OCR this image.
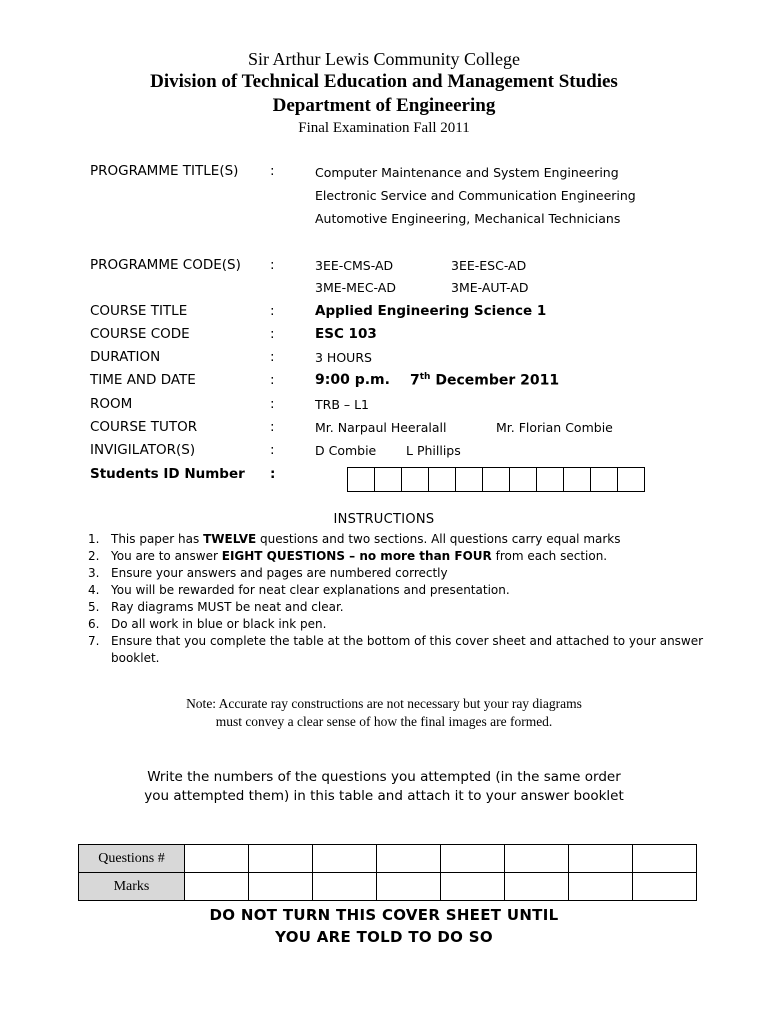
Sir Arthur Lewis Community College
Division of Technical Education and Management Studies
Department of Engineering
Final Examination Fall 2011
PROGRAMME TITLE(S)	:	Computer Maintenance and System Engineering
Electronic Service and Communication Engineering
Automotive Engineering, Mechanical Technicians
PROGRAMME CODE(S)	:	3EE-CMS-AD	3EE-ESC-AD
3ME-MEC-AD	3ME-AUT-AD
COURSE TITLE	:	Applied Engineering Science 1
COURSE CODE	:	ESC 103
DURATION	:	3 HOURS
TIME AND DATE	:	9:00 p.m. 7th December 2011
ROOM	:	TRB – L1
COURSE TUTOR	:	Mr. Narpaul Heeralall	Mr. Florian Combie
INVIGILATOR(S)	:	D Combie L Phillips
Students ID Number	:
INSTRUCTIONS
1. This paper has TWELVE questions and two sections. All questions carry equal marks
2. You are to answer EIGHT QUESTIONS – no more than FOUR from each section.
3. Ensure your answers and pages are numbered correctly
4. You will be rewarded for neat clear explanations and presentation.
5. Ray diagrams MUST be neat and clear.
6. Do all work in blue or black ink pen.
7. Ensure that you complete the table at the bottom of this cover sheet and attached to your answer booklet.
Note: Accurate ray constructions are not necessary but your ray diagrams
must convey a clear sense of how the final images are formed.
Write the numbers of the questions you attempted (in the same order
you attempted them) in this table and attach it to your answer booklet
Questions #								
Marks								
DO NOT TURN THIS COVER SHEET UNTIL
YOU ARE TOLD TO DO SO
